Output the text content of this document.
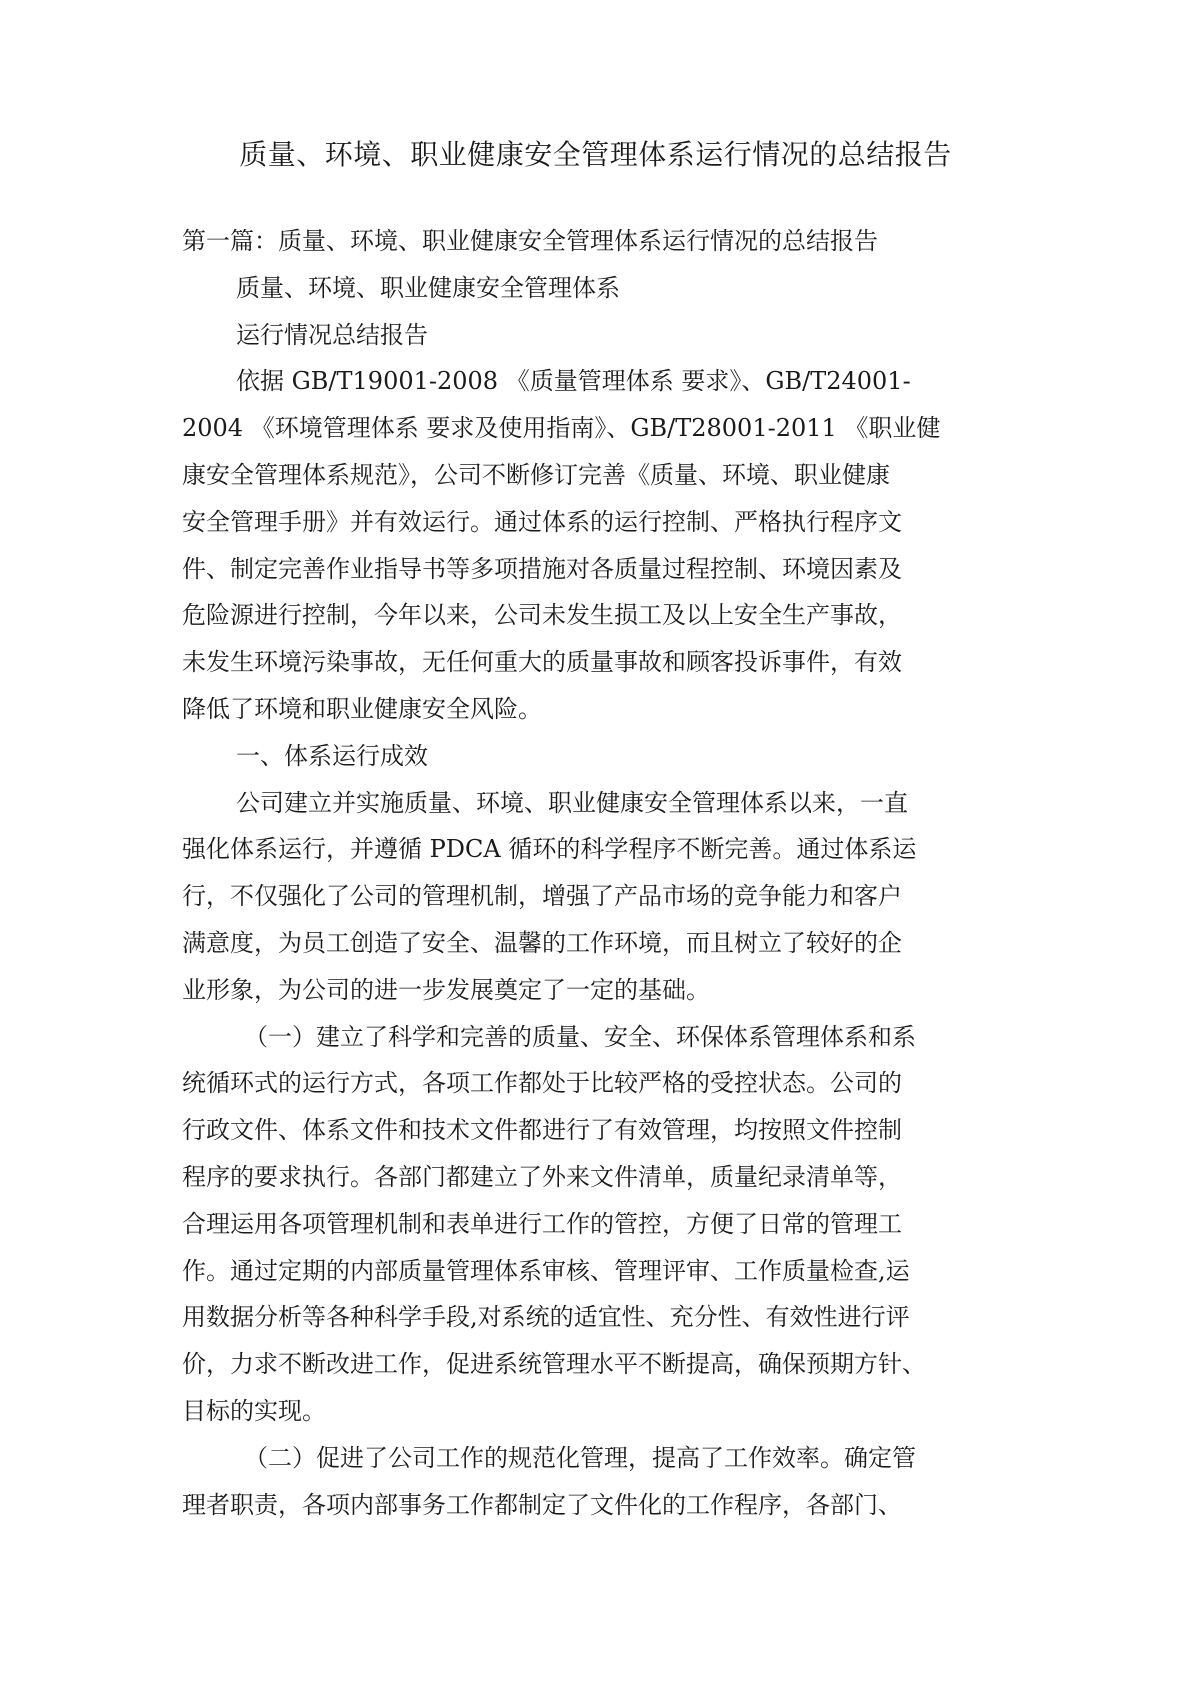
质量、环境、职业健康安全管理体系运行情况的总结报告
第一篇：质量、环境、职业健康安全管理体系运行情况的总结报告
质量、环境、职业健康安全管理体系
运行情况总结报告
依据 GB/T19001-2008 《质量管理体系 要求》、GB/T24001-
2004 《环境管理体系 要求及使用指南》、GB/T28001-2011 《职业健
康安全管理体系规范》，公司不断修订完善《质量、环境、职业健康
安全管理手册》并有效运行。通过体系的运行控制、严格执行程序文
件、制定完善作业指导书等多项措施对各质量过程控制、环境因素及
危险源进行控制，今年以来，公司未发生损工及以上安全生产事故，
未发生环境污染事故，无任何重大的质量事故和顾客投诉事件，有效
降低了环境和职业健康安全风险。
一、体系运行成效
公司建立并实施质量、环境、职业健康安全管理体系以来，一直
强化体系运行，并遵循 PDCA 循环的科学程序不断完善。通过体系运
行，不仅强化了公司的管理机制，增强了产品市场的竞争能力和客户
满意度，为员工创造了安全、温馨的工作环境，而且树立了较好的企
业形象，为公司的进一步发展奠定了一定的基础。
（一）建立了科学和完善的质量、安全、环保体系管理体系和系
统循环式的运行方式，各项工作都处于比较严格的受控状态。公司的
行政文件、体系文件和技术文件都进行了有效管理，均按照文件控制
程序的要求执行。各部门都建立了外来文件清单，质量纪录清单等，
合理运用各项管理机制和表单进行工作的管控，方便了日常的管理工
作。通过定期的内部质量管理体系审核、管理评审、工作质量检查,运
用数据分析等各种科学手段,对系统的适宜性、充分性、有效性进行评
价，力求不断改进工作，促进系统管理水平不断提高，确保预期方针、
目标的实现。
（二）促进了公司工作的规范化管理，提高了工作效率。确定管
理者职责，各项内部事务工作都制定了文件化的工作程序，各部门、
